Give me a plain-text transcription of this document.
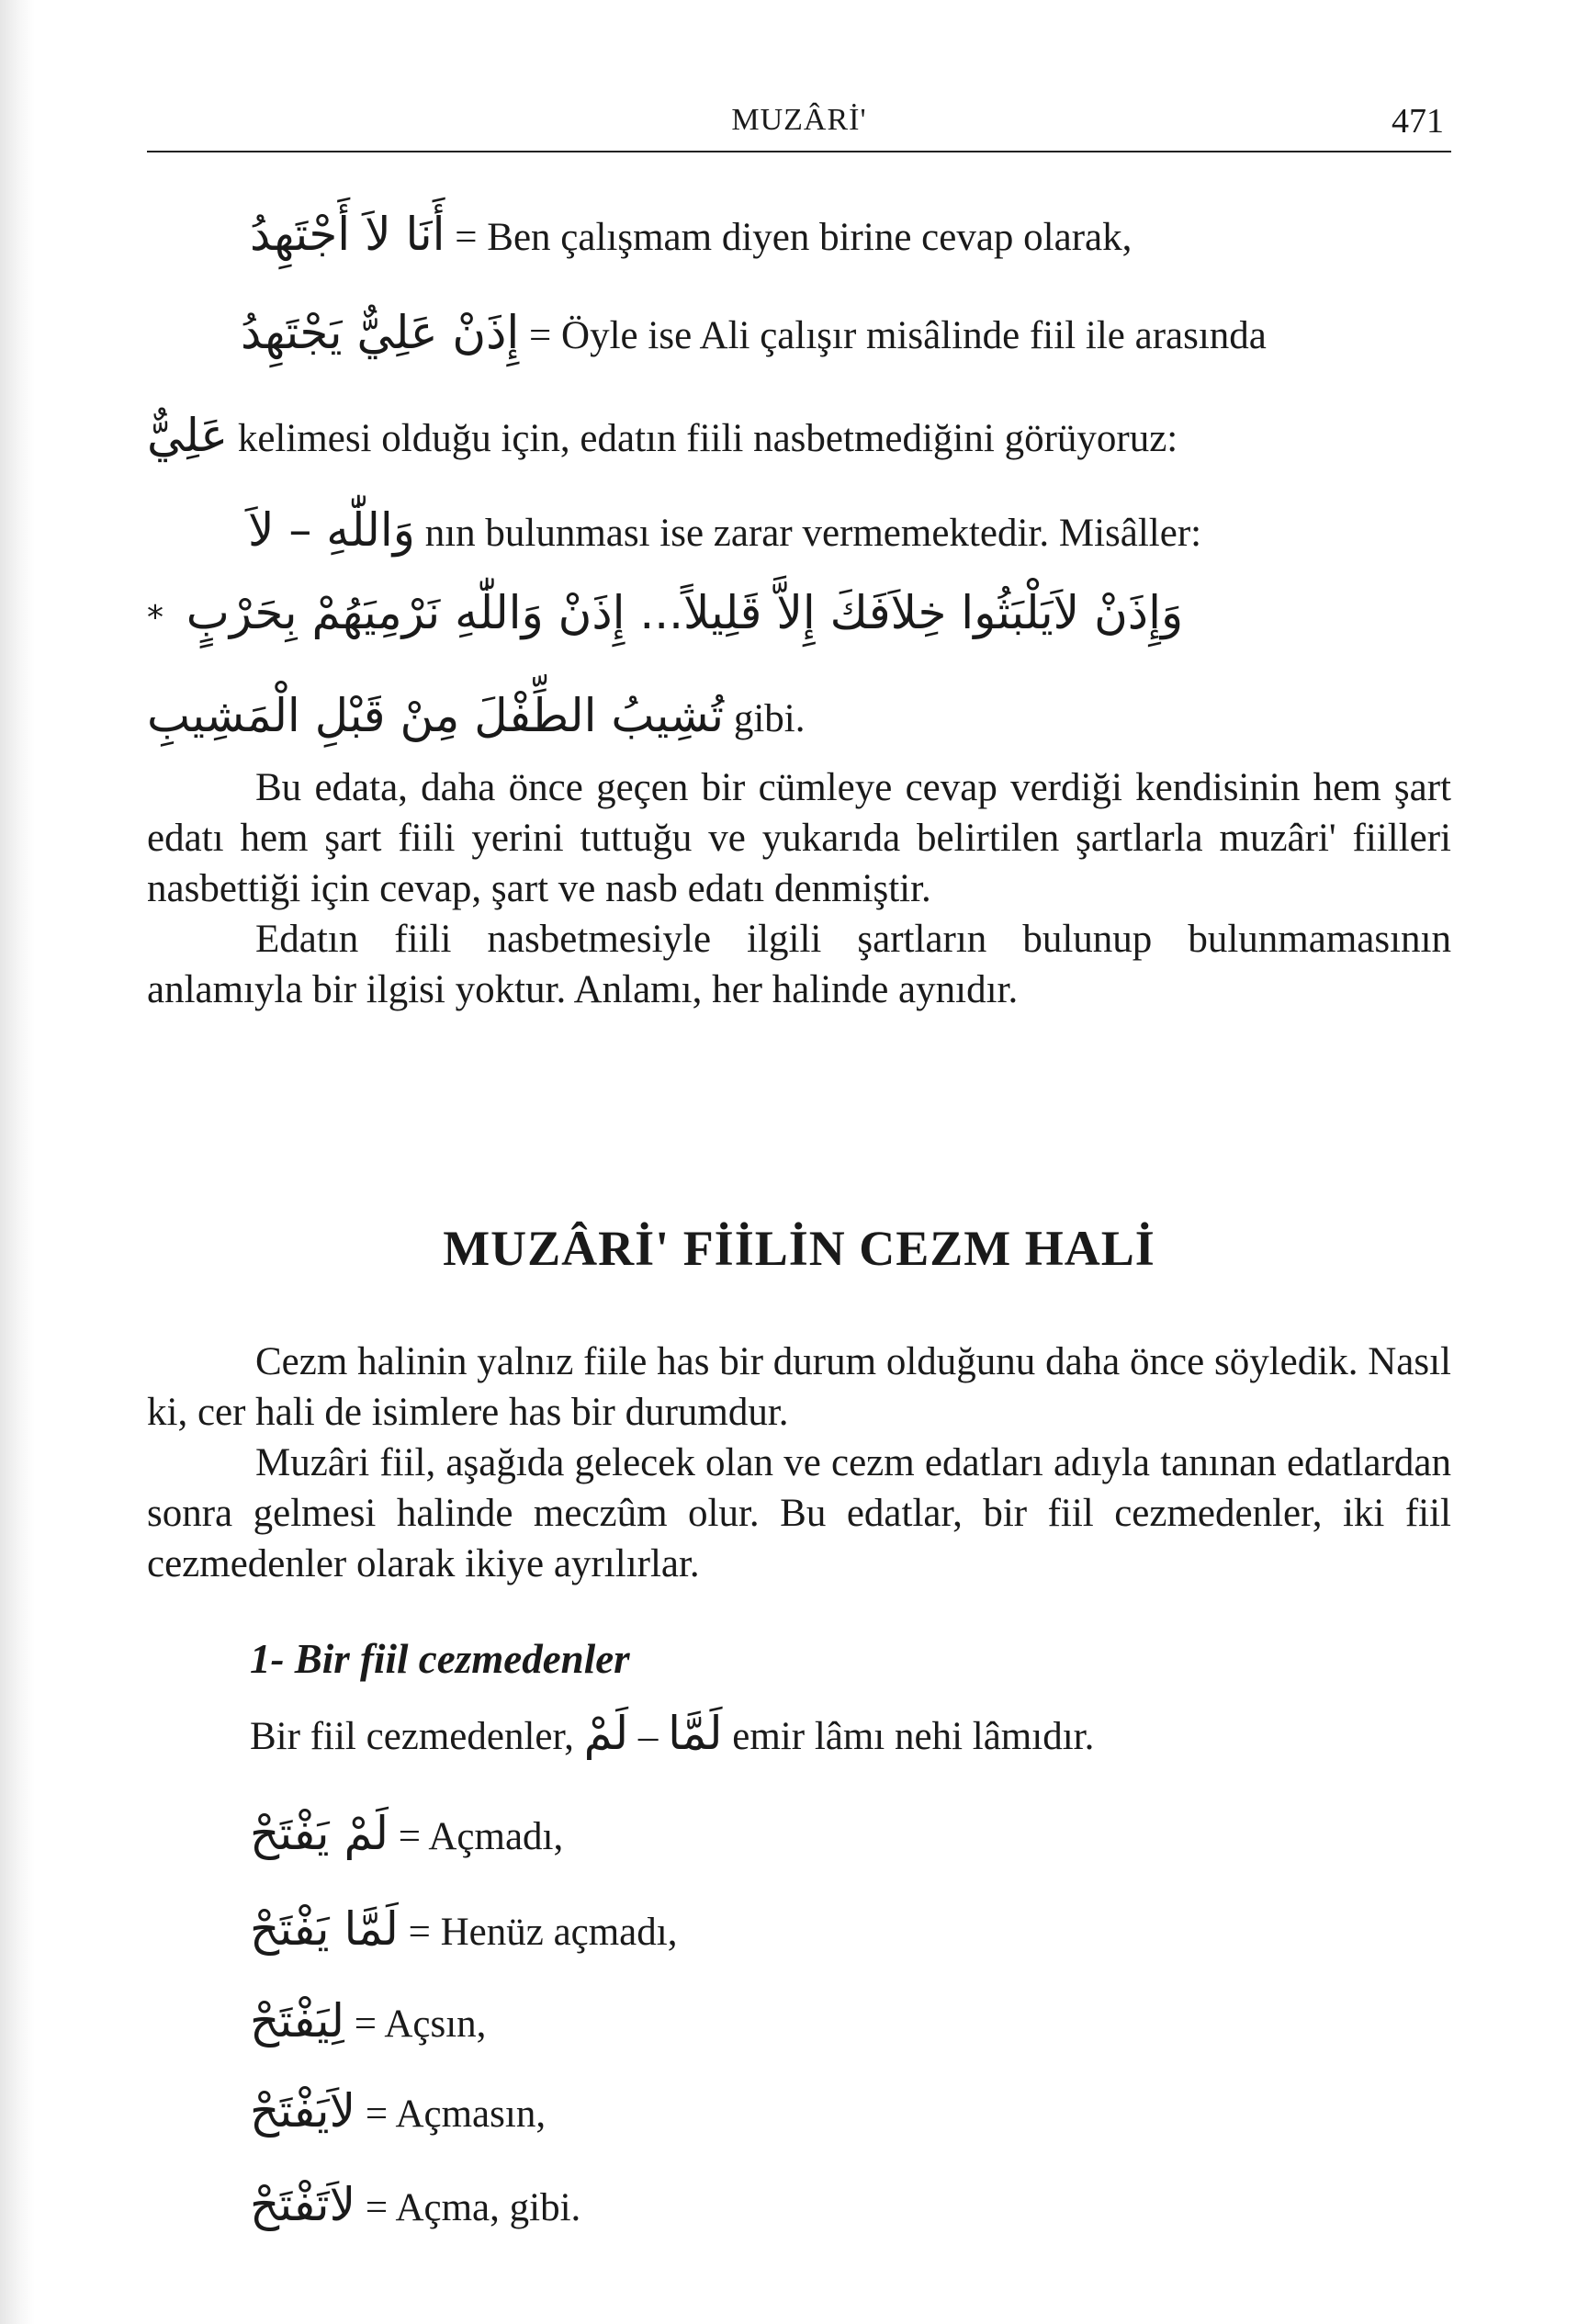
MUZÂRİ'	471
أَنَا لاَ أَجْتَهِدُ = Ben çalışmam diyen birine cevap olarak,
إِذَنْ عَلِيٌّ يَجْتَهِدُ = Öyle ise Ali çalışır misâlinde fiil ile arasında
عَلِيٌّ kelimesi olduğu için, edatın fiili nasbetmediğini görüyoruz:
وَاللّٰهِ – لاَ nın bulunması ise zarar vermemektedir. Misâller:
* وَإِذَنْ لاَيَلْبَثُوا خِلاَفَكَ إِلاَّ قَلِيلاً... إِذَنْ وَاللّٰهِ نَرْمِيَهُمْ بِحَرْبٍ
تُشِيبُ الطِّفْلَ مِنْ قَبْلِ الْمَشِيبِ gibi.

Bu edata, daha önce geçen bir cümleye cevap verdiği kendisinin hem şart edatı hem şart fiili yerini tuttuğu ve yukarıda belirtilen şartlarla muzâri' fiilleri nasbettiği için cevap, şart ve nasb edatı denmiştir.

Edatın fiili nasbetmesiyle ilgili şartların bulunup bulunmamasının anlamıyla bir ilgisi yoktur. Anlamı, her halinde aynıdır.

MUZÂRİ' FİİLİN CEZM HALİ

Cezm halinin yalnız fiile has bir durum olduğunu daha önce söyledik. Nasıl ki, cer hali de isimlere has bir durumdur.

Muzâri fiil, aşağıda gelecek olan ve cezm edatları adıyla tanınan edatlardan sonra gelmesi halinde meczûm olur. Bu edatlar, bir fiil cezmedenler, iki fiil cezmedenler olarak ikiye ayrılırlar.

1- Bir fiil cezmedenler
Bir fiil cezmedenler, لَمْ – لَمَّا emir lâmı nehi lâmıdır.
لَمْ يَفْتَحْ = Açmadı,
لَمَّا يَفْتَحْ = Henüz açmadı,
لِيَفْتَحْ = Açsın,
لاَيَفْتَحْ = Açmasın,
لاَتَفْتَحْ = Açma, gibi.
